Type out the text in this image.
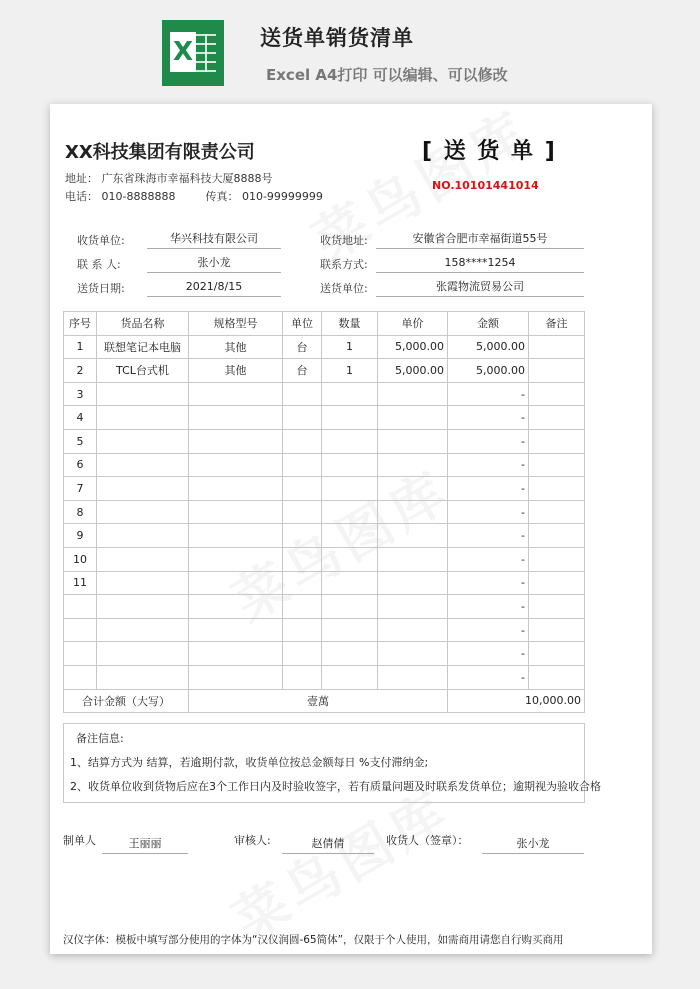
X	送货单销货清单
Excel A4打印 可以编辑、可以修改
XX科技集团有限责公司
地址： 广东省珠海市幸福科技大厦8888号
电话： 010-8888888	传真： 010-99999999
[ 送 货 单 ]
NO.10101441014
收货单位:	华兴科技有限公司
联 系 人:	张小龙
送货日期:	2021/8/15
收货地址:	安徽省合肥市幸福街道55号
联系方式:	158****1254
送货单位:	张霞物流贸易公司
序号	货品名称	规格型号	单位	数量	单价	金额	备注
1	联想笔记本电脑	其他	台	1	5,000.00	5,000.00	
2	TCL台式机	其他	台	1	5,000.00	5,000.00	
3						-	
4						-	
5						-	
6						-	
7						-	
8						-	
9						-	
10						-	
11						-	
						-	
						-	
						-	
						-	
合计金额（大写）		壹萬				10,000.00	
备注信息:
1、结算方式为 结算，若逾期付款，收货单位按总金额每日 %支付滞纳金;
2、收货单位收到货物后应在3个工作日内及时验收签字，若有质量问题及时联系发货单位；逾期视为验收合格
制单人	王丽丽	审核人:	赵倩倩	收货人（签章）：	张小龙
汉仪字体：模板中填写部分使用的字体为“汉仪润圆-65简体”，仅限于个人使用，如需商用请您自行购买商用
